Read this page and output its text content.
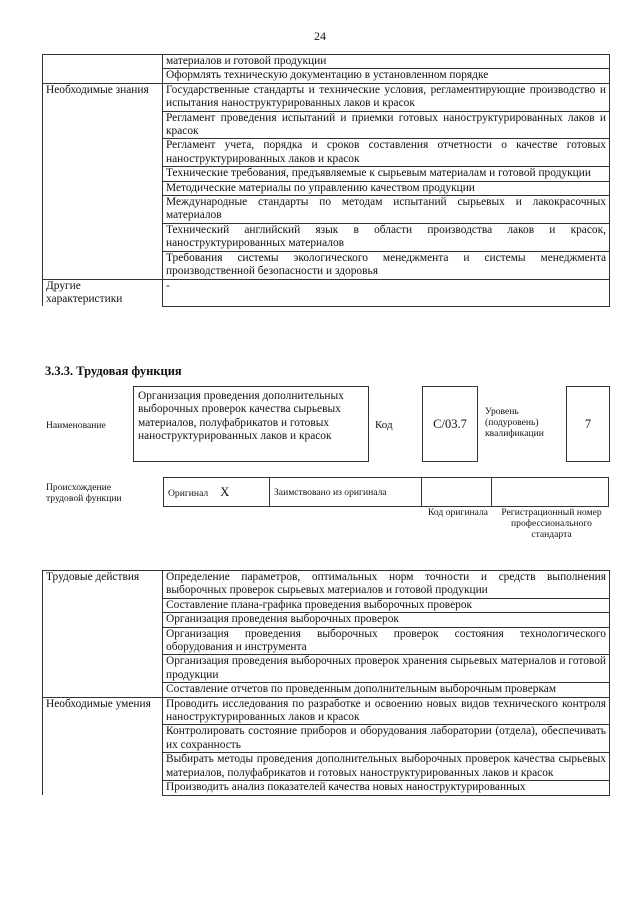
24
	материалов и готовой продукции
	Оформлять техническую документацию в установленном порядке
Необходимые знания	Государственные стандарты и технические условия, регламентирующие производство и испытания наноструктурированных лаков и красок
	Регламент проведения испытаний и приемки готовых наноструктурированных лаков и красок
	Регламент учета, порядка и сроков составления отчетности о качестве готовых наноструктурированных лаков и красок
	Технические требования, предъявляемые к сырьевым материалам и готовой продукции
	Методические материалы по управлению качеством продукции
	Международные стандарты по методам испытаний сырьевых и лакокрасочных материалов
	Технический английский язык в области производства лаков и красок, наноструктурированных материалов
	Требования системы экологического менеджмента и системы менеджмента производственной безопасности и здоровья
Другие характеристики	-
3.3.3. Трудовая функция
Наименование
Организация проведения дополнительных выборочных проверок качества сырьевых материалов, полуфабрикатов и готовых наноструктурированных лаков и красок
Код	C/03.7
Уровень (подуровень) квалификации
7
Происхождение трудовой функции	Оригинал X	Заимствовано из оригинала		
Код оригинала	Регистрационный номер профессионального стандарта
Трудовые действия	Определение параметров, оптимальных норм точности и средств выполнения выборочных проверок сырьевых материалов и готовой продукции
	Составление плана-графика проведения выборочных проверок
	Организация проведения выборочных проверок
	Организация проведения выборочных проверок состояния технологического оборудования и инструмента
	Организация проведения выборочных проверок хранения сырьевых материалов и готовой продукции
	Составление отчетов по проведенным дополнительным выборочным проверкам
Необходимые умения	Проводить исследования по разработке и освоению новых видов технического контроля наноструктурированных лаков и красок
	Контролировать состояние приборов и оборудования лаборатории (отдела), обеспечивать их сохранность
	Выбирать методы проведения дополнительных выборочных проверок качества сырьевых материалов, полуфабрикатов и готовых наноструктурированных лаков и красок
	Производить анализ показателей качества новых наноструктурированных
